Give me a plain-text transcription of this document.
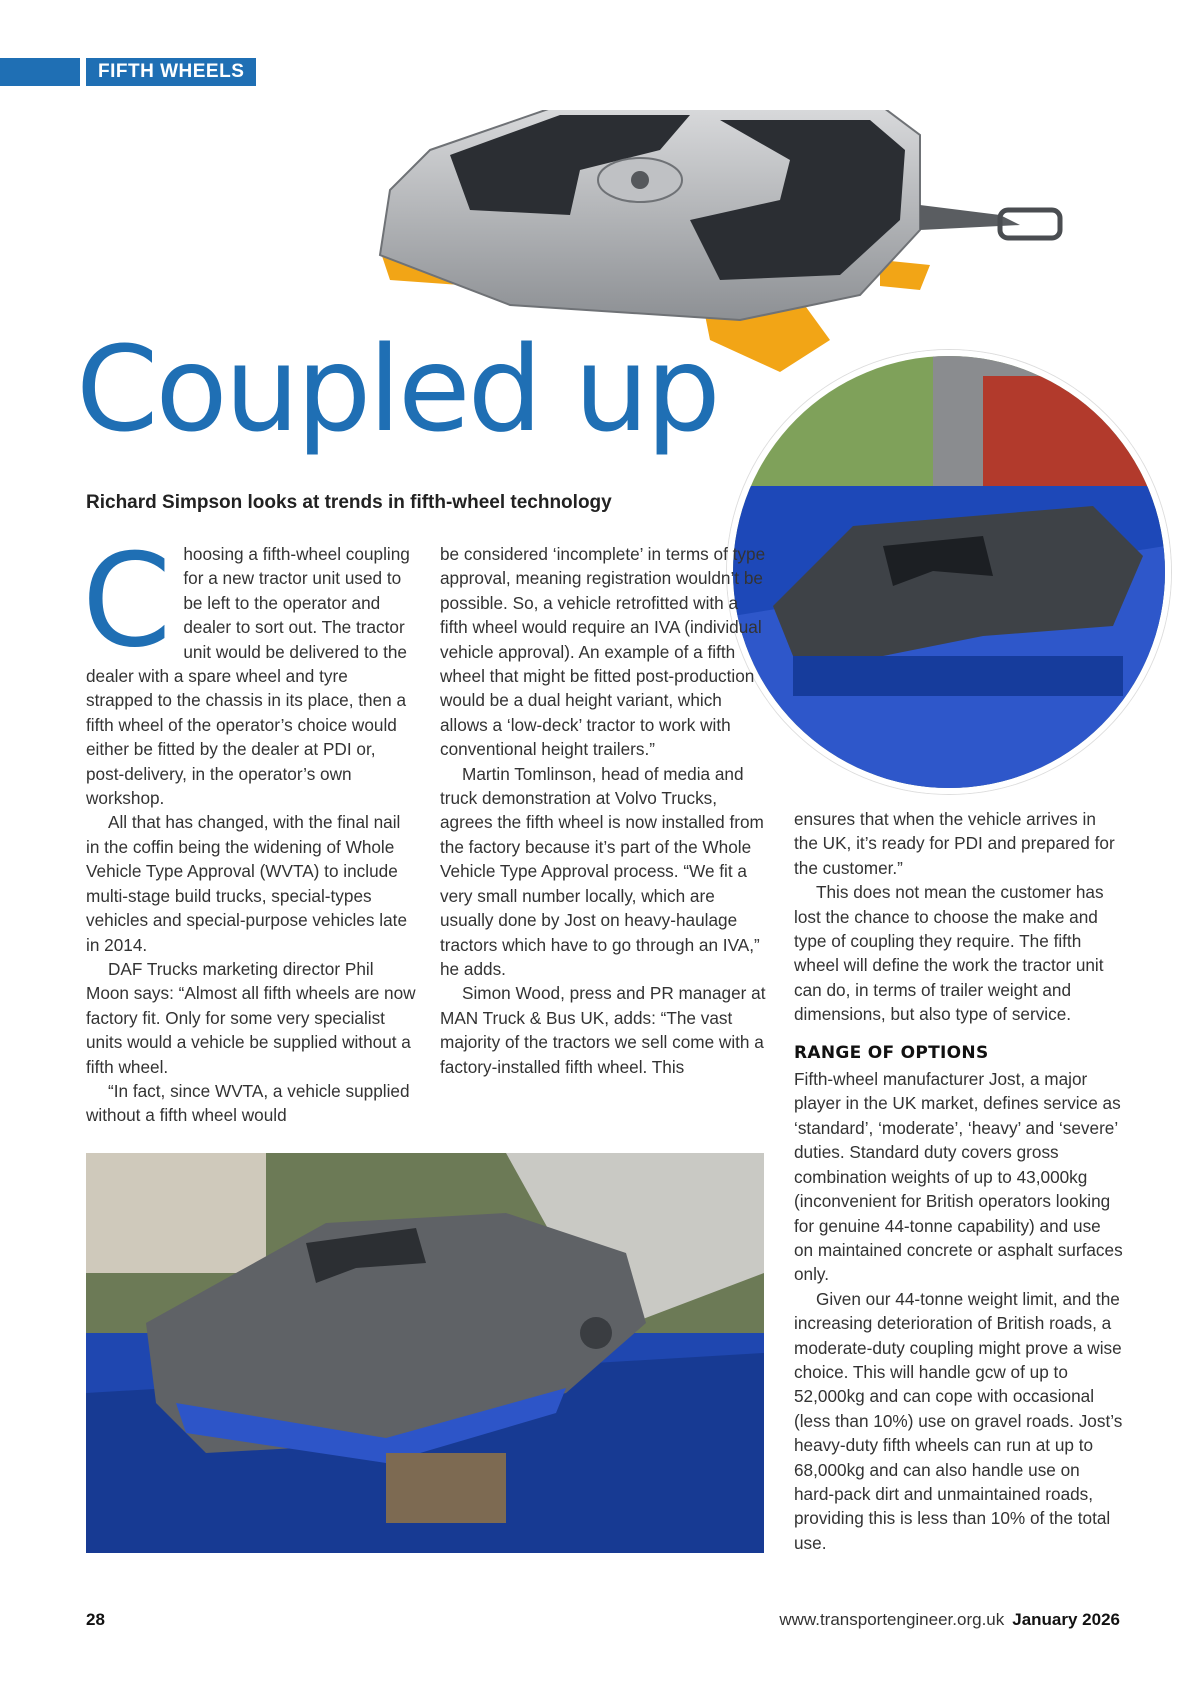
FIFTH WHEELS
Coupled up

Richard Simpson looks at trends in fifth-wheel technology

C hoosing a fifth-wheel coupling for a new tractor unit used to be left to the operator and dealer to sort out. The tractor unit would be delivered to the dealer with a spare wheel and tyre strapped to the chassis in its place, then a fifth wheel of the operator’s choice would either be fitted by the dealer at PDI or, post-delivery, in the operator’s own workshop.

All that has changed, with the final nail in the coffin being the widening of Whole Vehicle Type Approval (WVTA) to include multi-stage build trucks, special-types vehicles and special-purpose vehicles late in 2014.

DAF Trucks marketing director Phil Moon says: “Almost all fifth wheels are now factory fit. Only for some very specialist units would a vehicle be supplied without a fifth wheel.

“In fact, since WVTA, a vehicle supplied without a fifth wheel would

be considered ‘incomplete’ in terms of type approval, meaning registration wouldn’t be possible. So, a vehicle retrofitted with a fifth wheel would require an IVA (individual vehicle approval). An example of a fifth wheel that might be fitted post-production would be a dual height variant, which allows a ‘low-deck’ tractor to work with conventional height trailers.”

Martin Tomlinson, head of media and truck demonstration at Volvo Trucks, agrees the fifth wheel is now installed from the factory because it’s part of the Whole Vehicle Type Approval process. “We fit a very small number locally, which are usually done by Jost on heavy-haulage tractors which have to go through an IVA,” he adds.

Simon Wood, press and PR manager at MAN Truck & Bus UK, adds: “The vast majority of the tractors we sell come with a factory-installed fifth wheel. This

ensures that when the vehicle arrives in the UK, it’s ready for PDI and prepared for the customer.”

This does not mean the customer has lost the chance to choose the make and type of coupling they require. The fifth wheel will define the work the tractor unit can do, in terms of trailer weight and dimensions, but also type of service.

RANGE OF OPTIONS

Fifth-wheel manufacturer Jost, a major player in the UK market, defines service as ‘standard’, ‘moderate’, ‘heavy’ and ‘severe’ duties. Standard duty covers gross combination weights of up to 43,000kg (inconvenient for British operators looking for genuine 44-tonne capability) and use on maintained concrete or asphalt surfaces only.

Given our 44-tonne weight limit, and the increasing deterioration of British roads, a moderate-duty coupling might prove a wise choice. This will handle gcw of up to 52,000kg and can cope with occasional (less than 10%) use on gravel roads. Jost’s heavy-duty fifth wheels can run at up to 68,000kg and can also handle use on hard-pack dirt and unmaintained roads, providing this is less than 10% of the total use.

28	www.transportengineer.org.uk January 2026
